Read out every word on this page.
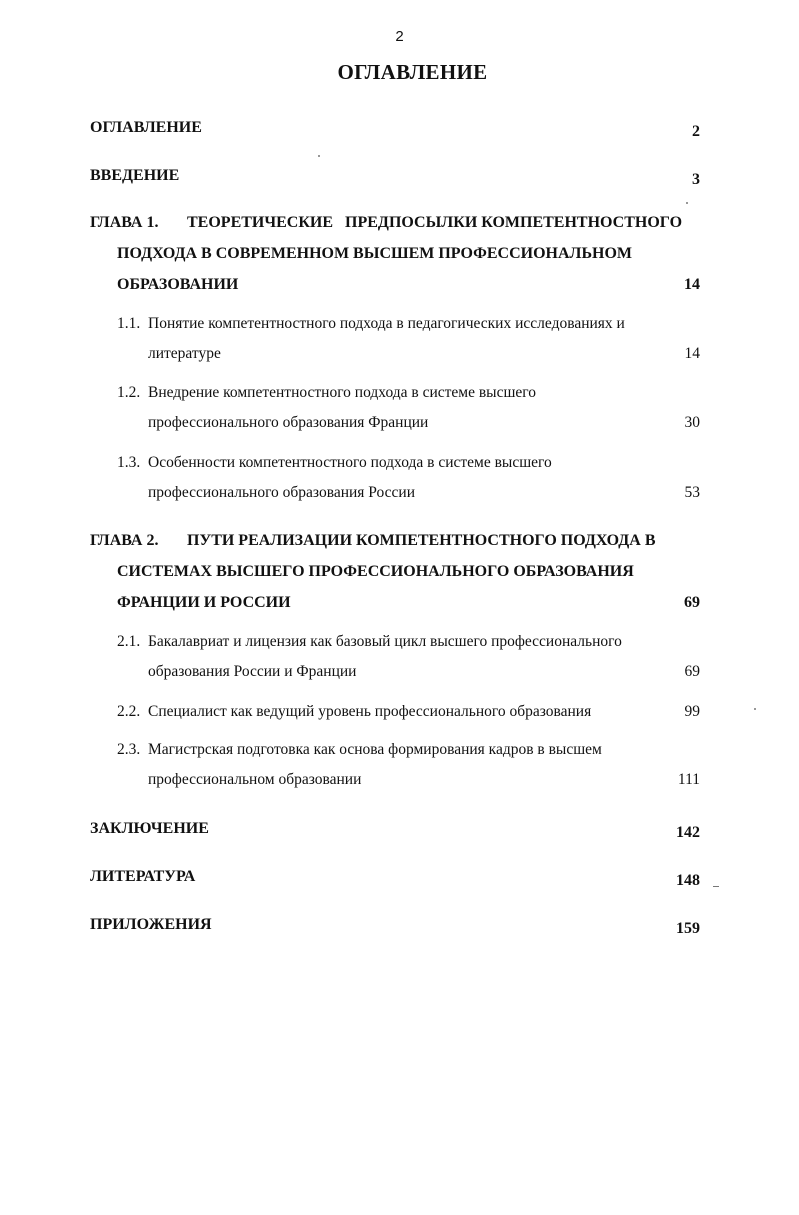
2
ОГЛАВЛЕНИЕ
ОГЛАВЛЕНИЕ	2
ВВЕДЕНИЕ	3
ГЛАВА 1. ТЕОРЕТИЧЕСКИЕ   ПРЕДПОСЫЛКИ КОМПЕТЕНТНОСТНОГО
ПОДХОДА В СОВРЕМЕННОМ ВЫСШЕМ ПРОФЕССИОНАЛЬНОМ
ОБРАЗОВАНИИ	14
1.1. Понятие компетентностного подхода в педагогических исследованиях и
литературе	14
1.2. Внедрение компетентностного подхода в системе высшего
профессионального образования Франции	30
1.3. Особенности компетентностного подхода в системе высшего
профессионального образования России	53
ГЛАВА 2. ПУТИ РЕАЛИЗАЦИИ КОМПЕТЕНТНОСТНОГО ПОДХОДА В
СИСТЕМАХ ВЫСШЕГО ПРОФЕССИОНАЛЬНОГО ОБРАЗОВАНИЯ
ФРАНЦИИ И РОССИИ	69
2.1. Бакалавриат и лицензия как базовый цикл высшего профессионального
образования России и Франции	69
2.2. Специалист как ведущий уровень профессионального образования	99
2.3. Магистрская подготовка как основа формирования кадров в высшем
профессиональном образовании	111
ЗАКЛЮЧЕНИЕ	142
ЛИТЕРАТУРА	148
ПРИЛОЖЕНИЯ	159
